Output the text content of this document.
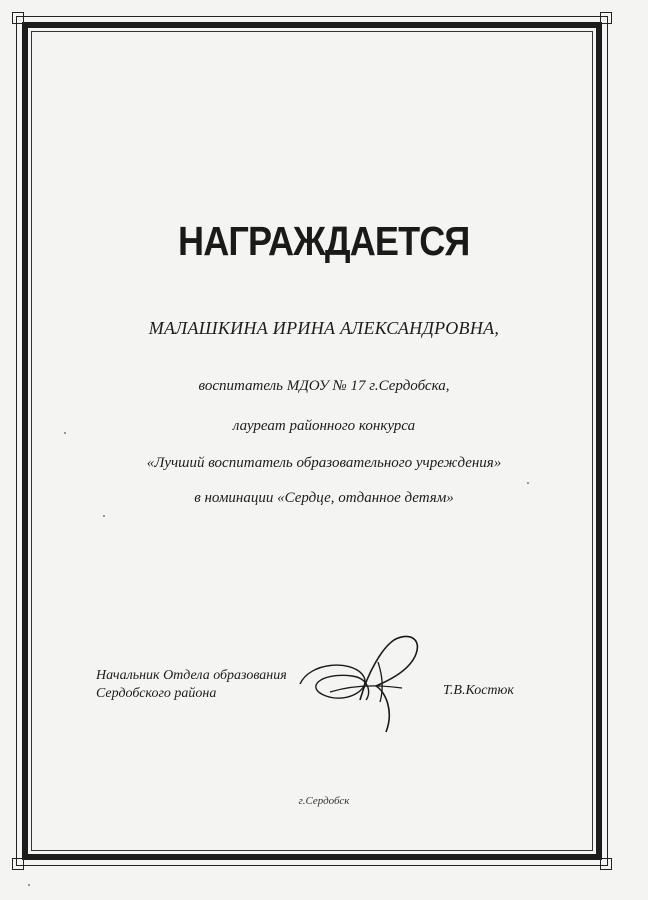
НАГРАЖДАЕТСЯ
МАЛАШКИНА ИРИНА АЛЕКСАНДРОВНА,
воспитатель МДОУ № 17 г.Сердобска,
лауреат районного конкурса
«Лучший воспитатель образовательного учреждения»
в номинации «Сердце, отданное детям»
Начальник Отдела образования
Сердобского района	Т.В.Костюк
г.Сердобск
